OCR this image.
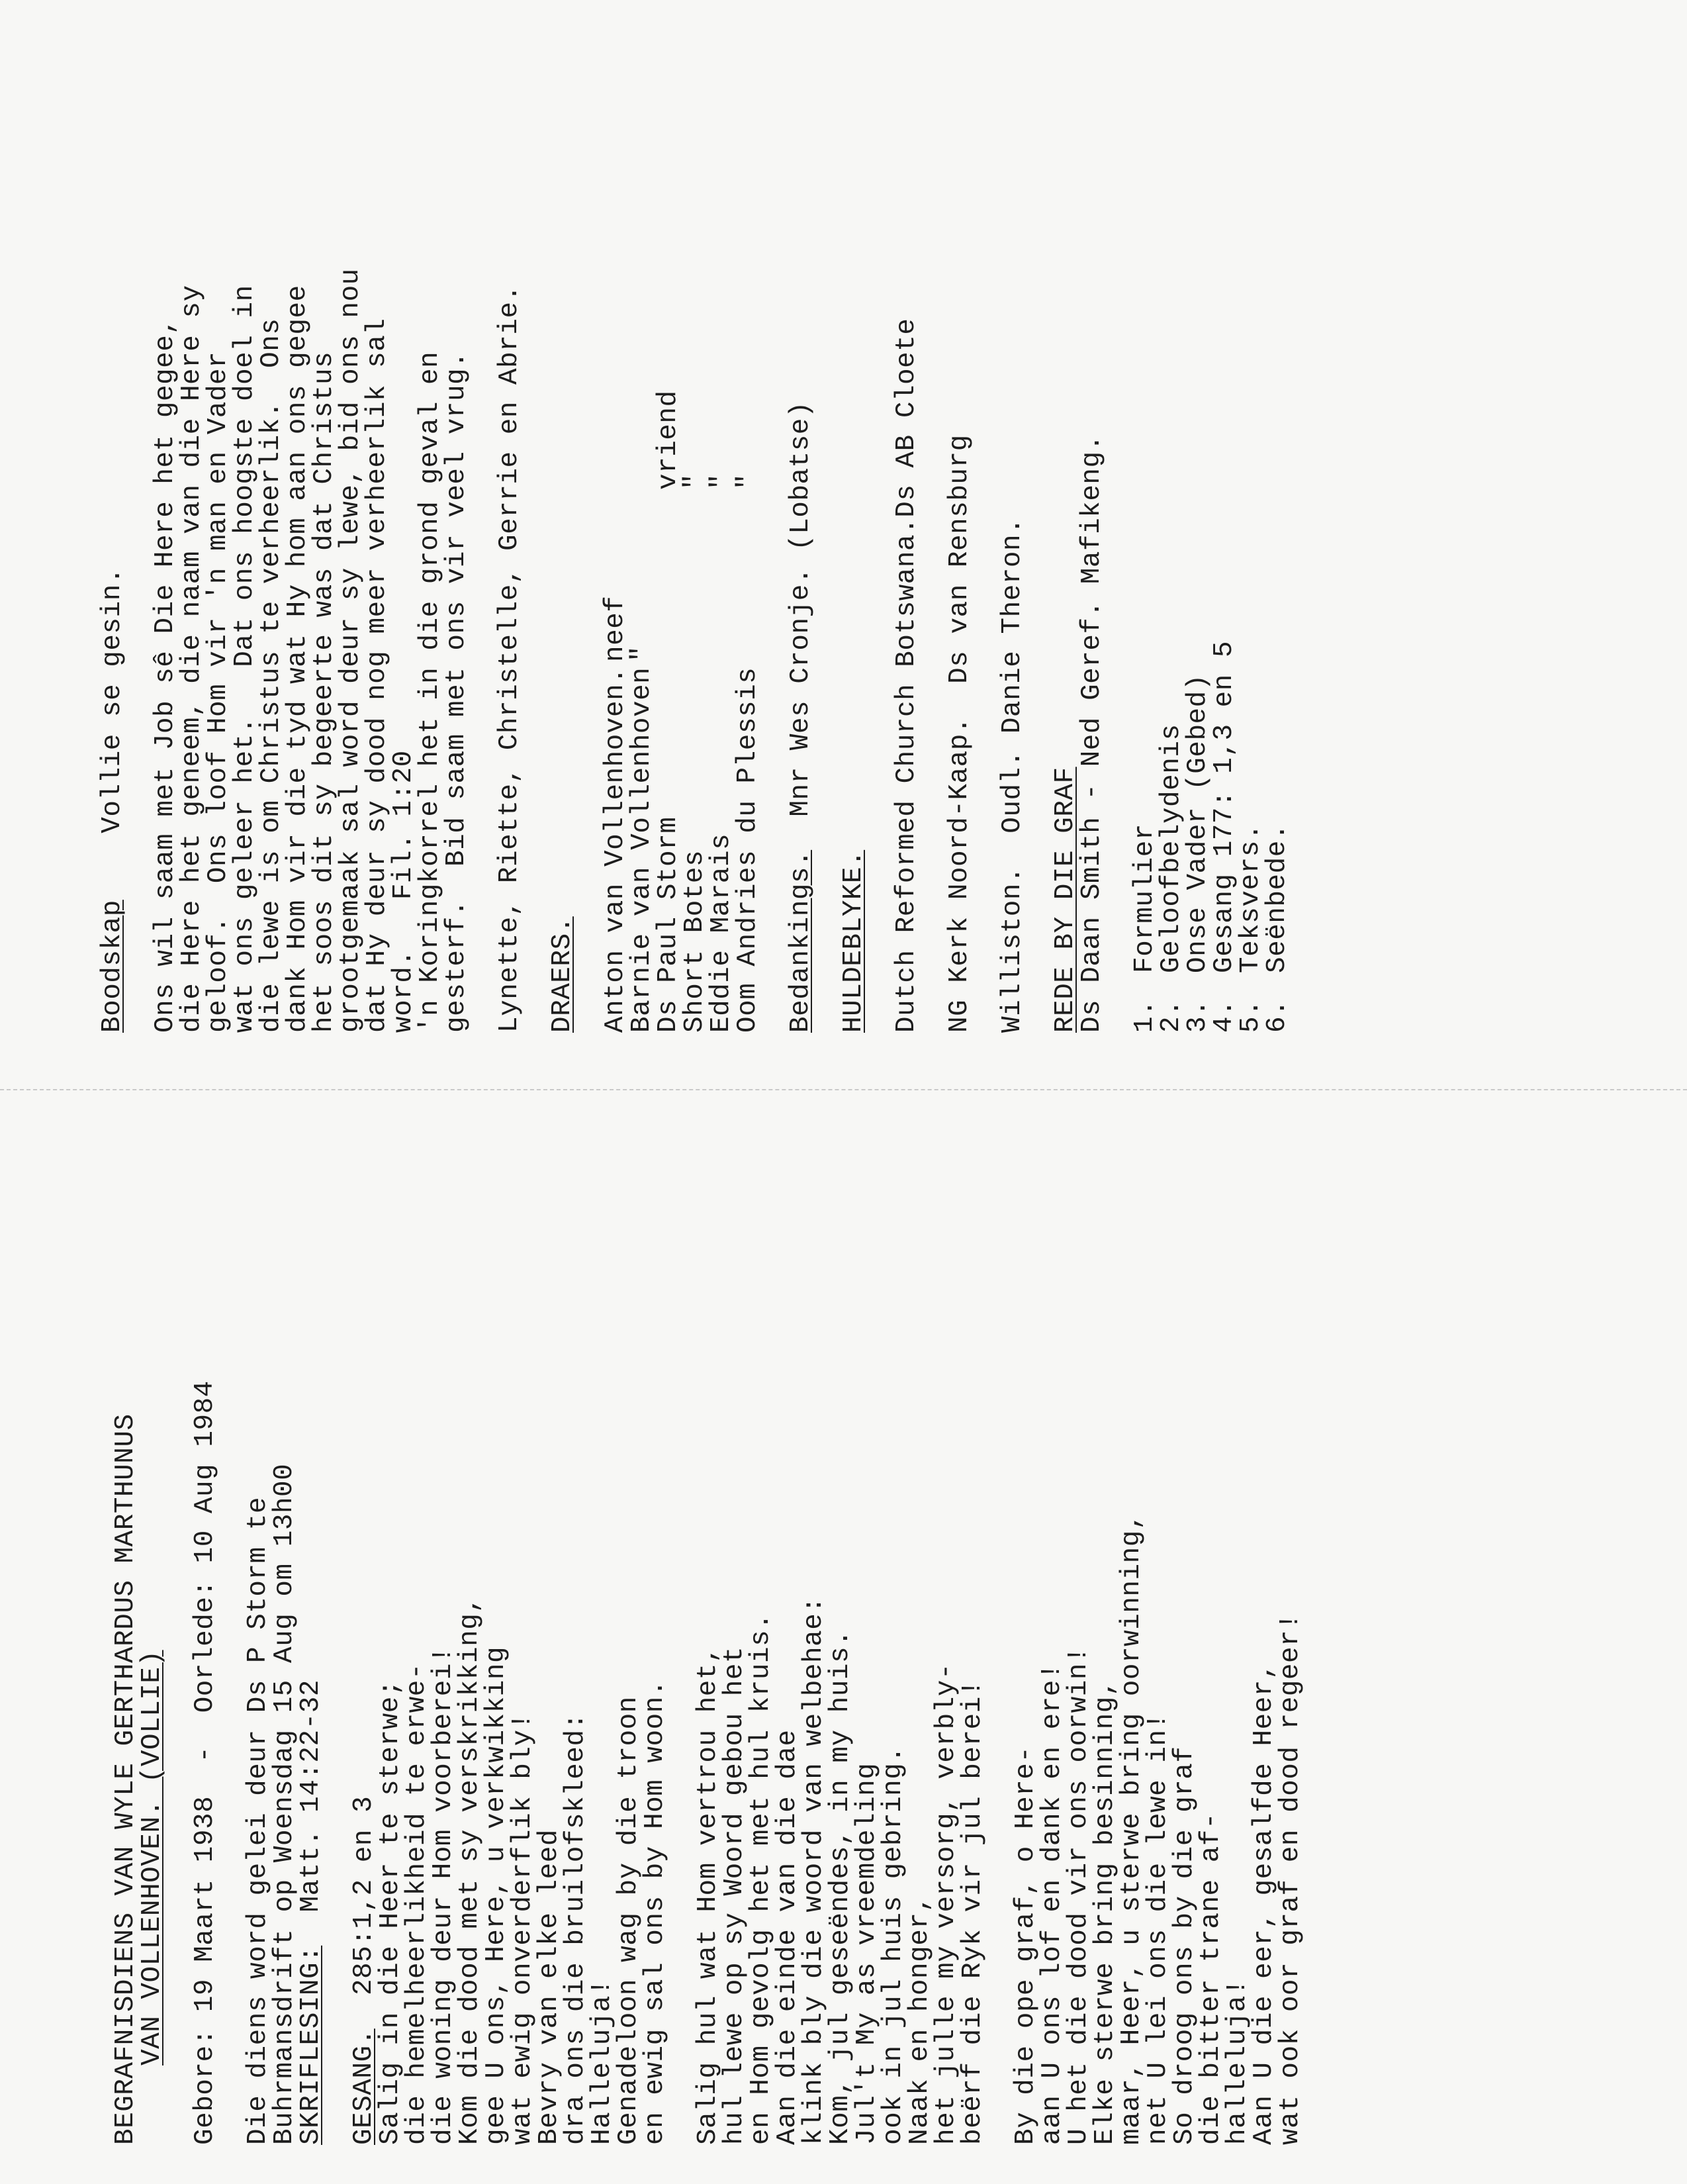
BEGRAFNISDIENS VAN WYLE GERTHARDUS MARTHUNUS
VAN VOLLENHOVEN. (VOLLIE) Gebore: 19 Maart 1938  -  Oorlede: 10 Aug 1984 Die diens word gelei deur Ds P Storm te
Buhrmansdrift op Woensdag 15 Aug om 13h00
SKRIFLESING:  Matt. 14:22-32
GESANG.  285:1,2 en 3
Salig in die Heer te sterwe;
die hemelheerlikheid te erwe-
die woning deur Hom voorberei!
Kom die dood met sy verskrikking,
gee U ons, Here, u verkwikking
wat ewig onverderflik bly!
Bevry van elke leed
dra ons die bruilofskleed:
Halleluja!
Genadeloon wag by die troon
en ewig sal ons by Hom woon. Salig hul wat Hom vertrou het,
hul lewe op sy Woord gebou het
en Hom gevolg het met hul kruis.
Aan die einde van die dae
klink bly die woord van welbehae:
Kom, jul geseëndes, in my huis.
Jul't My as vreemdeling
ook in jul huis gebring.
Naak en honger,
het julle my versorg, verbly-
beërf die Ryk vir jul berei! By die ope graf, o Here-
aan U ons lof en dank en ere!
U het die dood vir ons oorwin!
Elke sterwe bring besinning,
maar, Heer, u sterwe bring oorwinning,
net U lei ons die lewe in!
So droog ons by die graf
die bitter trane af-
halleluja!
Aan U die eer, gesalfde Heer,
wat ook oor graf en dood regeer!
Boodskap    Vollie se gesin. Ons wil saam met Job sê Die Here het gegee,
die Here het geneem, die naam van die Here sy
geloof.  Ons loof Hom vir 'n man en Vader
wat ons geleer het.   Dat ons hoogste doel in
die lewe is om Christus te verheerlik.  Ons
dank Hom vir die tyd wat Hy hom aan ons gegee
het soos dit sy begeerte was dat Christus
grootgemaak sal word deur sy lewe, bid ons nou
dat Hy deur sy dood nog meer verheerlik sal
word.   Fil. 1:20
'n Koringkorrel het in die grond geval en
gesterf.  Bid saam met ons vir veel vrug. Lynette, Riette, Christelle, Gerrie en Abrie. DRAERS. Anton van Vollenhoven.
neef
Barnie van Vollenhoven
"
Ds Paul Storm
vriend
Short Botes
"
Eddie Marais
"
Oom Andries du Plessis
"
Bedankings.  Mnr Wes Cronje. (Lobatse)
HULDEBLYKE. Dutch Reformed Church Botswana.Ds AB Cloete NG Kerk Noord-Kaap.  Ds van Rensburg Williston.  Oudl. Danie Theron. REDE BY DIE GRAF
Ds Daan Smith - Ned Geref. Mafikeng. 1.
Formulier
2.
Geloofbelydenis
3.
Onse Vader (Gebed)
4.
Gesang 177: 1,3 en 5
5.
Teksvers.
6.
Seënbede.
